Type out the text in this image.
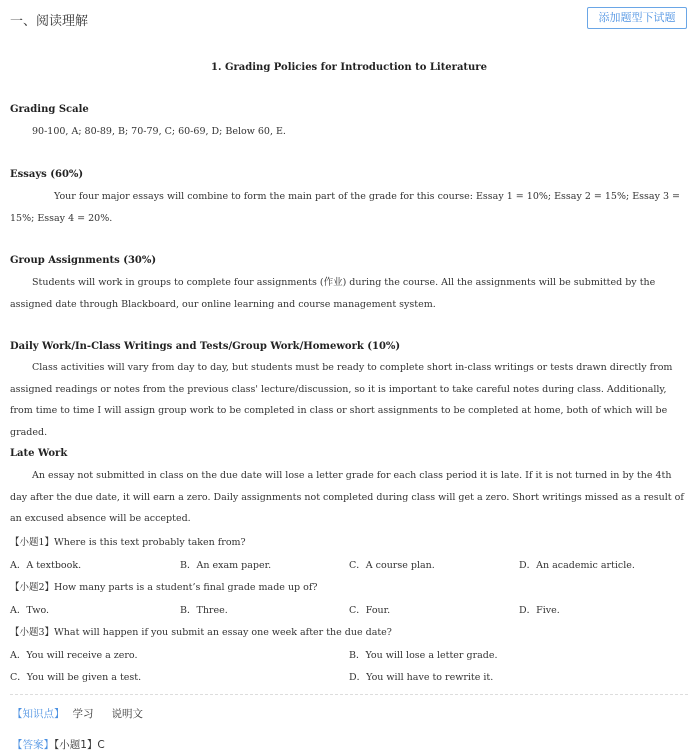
一、阅读理解	添加题型下试题
1. Grading Policies for Introduction to Literature
Grading Scale
90-100, A; 80-89, B; 70-79, C; 60-69, D; Below 60, E.
Essays (60%)
Your four major essays will combine to form the main part of the grade for this course: Essay 1 = 10%; Essay 2 = 15%; Essay 3 = 15%; Essay 4 = 20%.
Group Assignments (30%)
Students will work in groups to complete four assignments (作业) during the course. All the assignments will be submitted by the assigned date through Blackboard, our online learning and course management system.
Daily Work/In-Class Writings and Tests/Group Work/Homework (10%)
Class activities will vary from day to day, but students must be ready to complete short in-class writings or tests drawn directly from assigned readings or notes from the previous class' lecture/discussion, so it is important to take careful notes during class. Additionally, from time to time I will assign group work to be completed in class or short assignments to be completed at home, both of which will be graded.
Late Work
An essay not submitted in class on the due date will lose a letter grade for each class period it is late. If it is not turned in by the 4th day after the due date, it will earn a zero. Daily assignments not completed during class will get a zero. Short writings missed as a result of an excused absence will be accepted.
【小题1】Where is this text probably taken from?
A．A textbook.	B．An exam paper.	C．A course plan.	D．An academic article.
【小题2】How many parts is a student’s final grade made up of?
A．Two.	B．Three.	C．Four.	D．Five.
【小题3】What will happen if you submit an essay one week after the due date?
A．You will receive a zero.	B．You will lose a letter grade.
C．You will be given a test.	D．You will have to rewrite it.
【知识点】 学习 说明文
【答案】【小题1】C
